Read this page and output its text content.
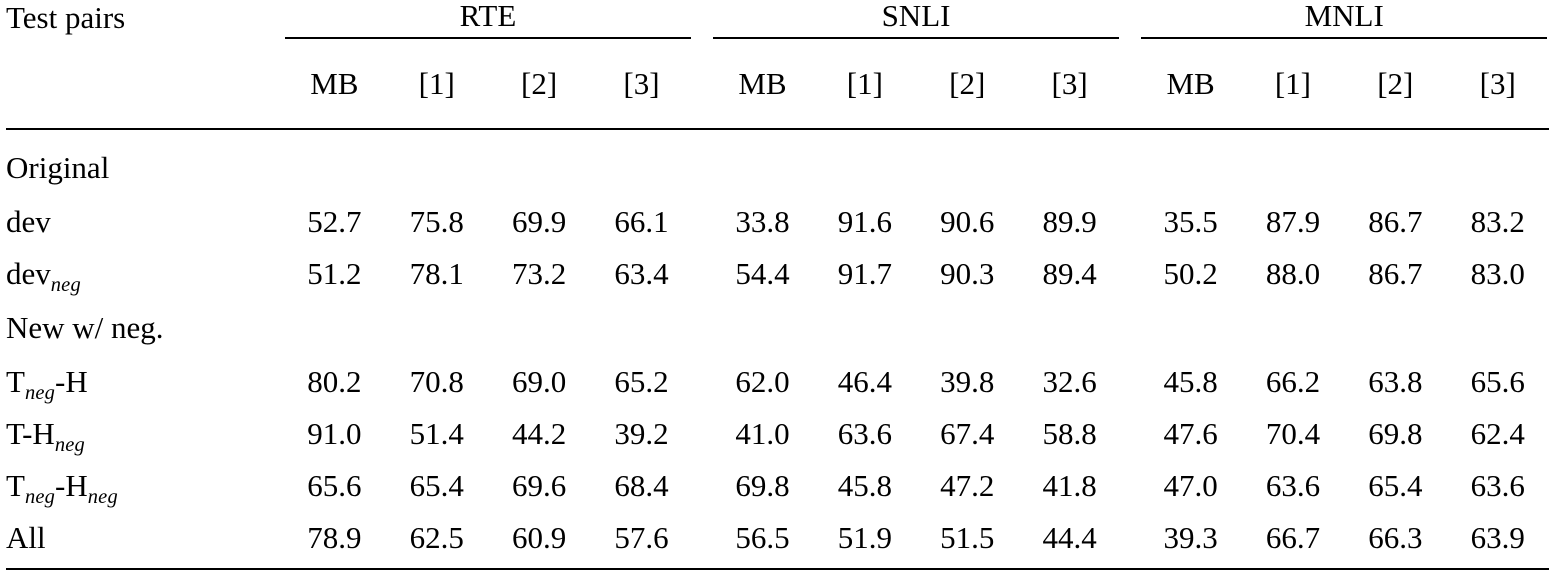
Test pairs	RTE					SNLI					MNLI			

	MB	[1]	[2]	[3]		MB	[1]	[2]	[3]		MB	[1]	[2]	[3]

Original														
dev	52.7	75.8	69.9	66.1		33.8	91.6	90.6	89.9		35.5	87.9	86.7	83.2
dev$_{neg}$	51.2	78.1	73.2	63.4		54.4	91.7	90.3	89.4		50.2	88.0	86.7	83.0
New w/ neg.														
$T_{neg}-H$	80.2	70.8	69.0	65.2		62.0	46.4	39.8	32.6		45.8	66.2	63.8	65.6
$T-H_{neg}$	91.0	51.4	44.2	39.2		41.0	63.6	67.4	58.8		47.6	70.4	69.8	62.4
$T_{neg}-H_{neg}$	65.6	65.4	69.6	68.4		69.8	45.8	47.2	41.8		47.0	63.6	65.4	63.6
All	78.9	62.5	60.9	57.6		56.5	51.9	51.5	44.4		39.3	66.7	66.3	63.9
